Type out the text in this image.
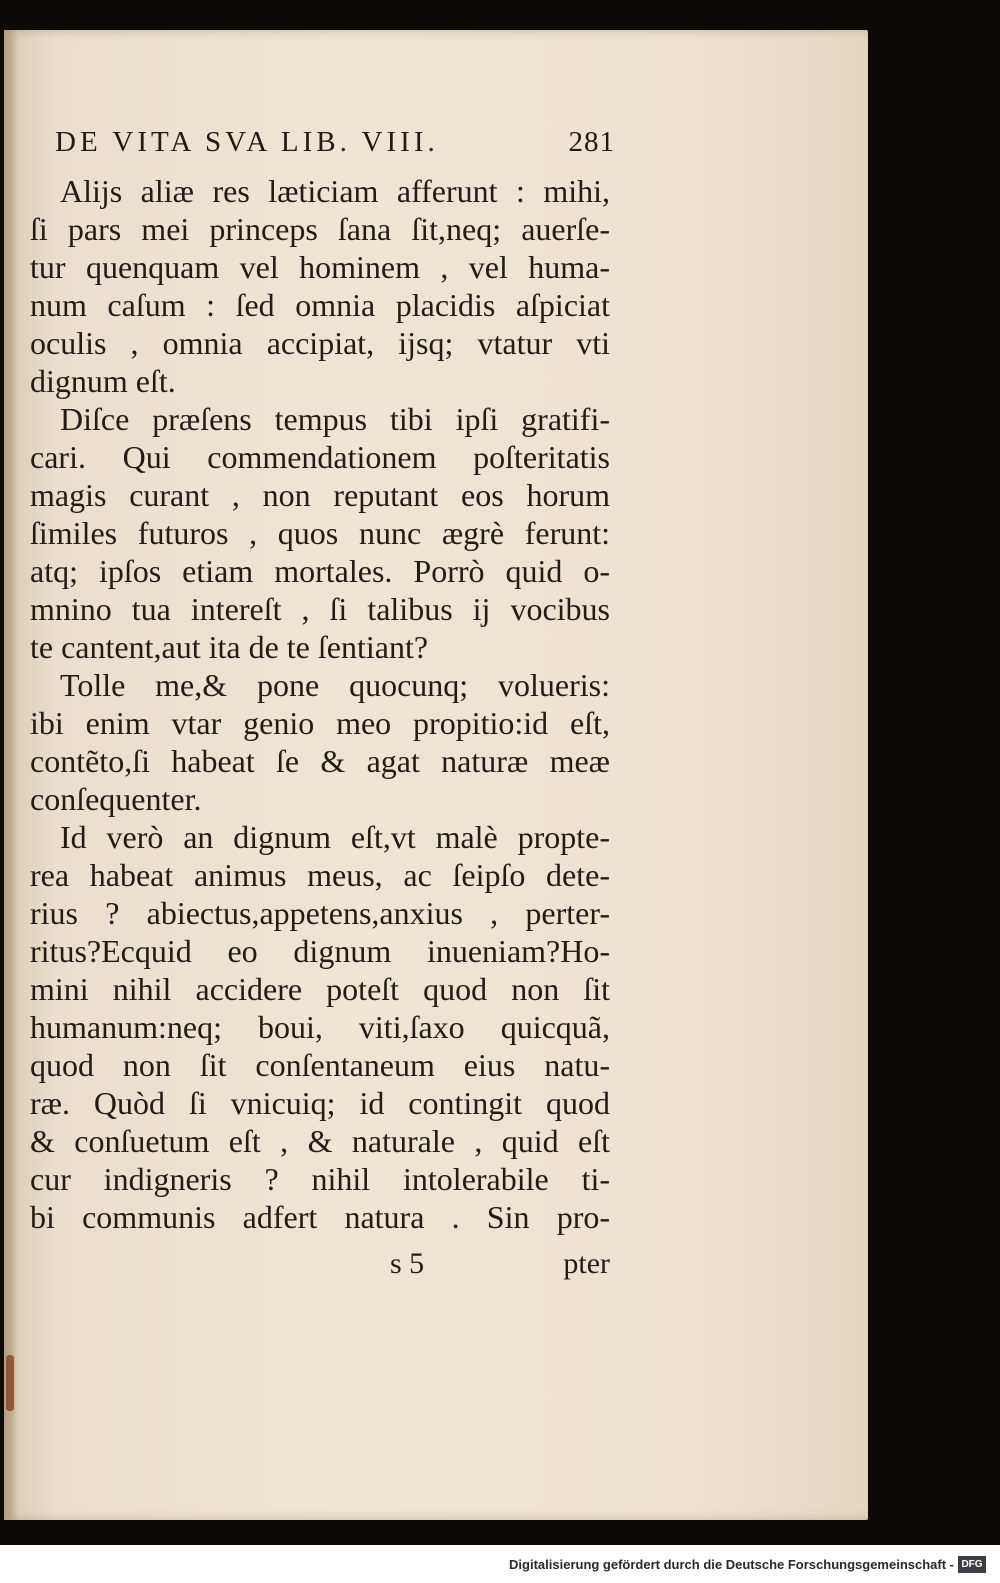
DE VITA SVA LIB. VIII.	281
Alijs aliæ res læticiam afferunt : mihi,
ſi pars mei princeps ſana ſit,neq; auerſe-
tur quenquam vel hominem , vel huma-
num caſum : ſed omnia placidis aſpiciat
oculis , omnia accipiat, ijsq; vtatur vti
dignum eſt.
Diſce præſens tempus tibi ipſi gratifi-
cari. Qui commendationem poſteritatis
magis curant , non reputant eos horum
ſimiles futuros , quos nunc ægrè ferunt:
atq; ipſos etiam mortales. Porrò quid o-
mnino tua intereſt , ſi talibus ij vocibus
te cantent,aut ita de te ſentiant?
Tolle me,& pone quocunq; volueris:
ibi enim vtar genio meo propitio:id eſt,
contẽto,ſi habeat ſe & agat naturæ meæ
conſequenter.
Id verò an dignum eſt,vt malè propte-
rea habeat animus meus, ac ſeipſo dete-
rius ? abiectus,appetens,anxius , perter-
ritus?Ecquid eo dignum inueniam?Ho-
mini nihil accidere poteſt quod non ſit
humanum:neq; boui, viti,ſaxo quicquã,
quod non ſit conſentaneum eius natu-
ræ. Quòd ſi vnicuiq; id contingit quod
& conſuetum eſt , & naturale , quid eſt
cur indigneris ? nihil intolerabile ti-
bi communis adfert natura . Sin pro-
s 5	pter
Digitalisierung gefördert durch die Deutsche Forschungsgemeinschaft - DFG
